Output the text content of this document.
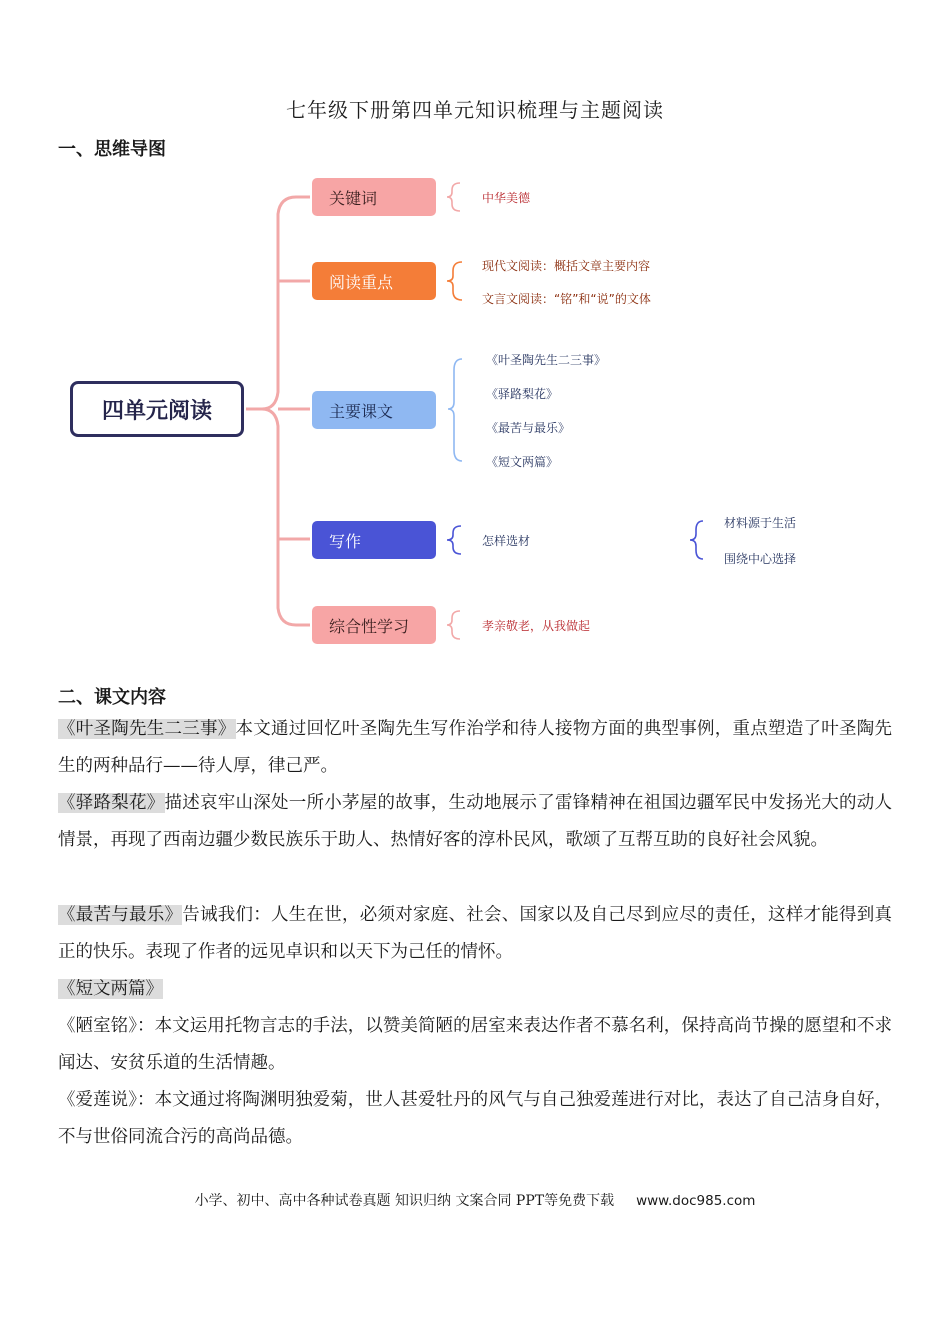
七年级下册第四单元知识梳理与主题阅读
一、思维导图
四单元阅读
关键词	中华美德
阅读重点
现代文阅读：概括文章主要内容
文言文阅读：“铭”和“说”的文体
主要课文
《叶圣陶先生二三事》
《驿路梨花》
《最苦与最乐》
《短文两篇》
写作	怎样选材
材料源于生活
围绕中心选择
综合性学习	孝亲敬老，从我做起
二、课文内容
《叶圣陶先生二三事》本文通过回忆叶圣陶先生写作治学和待人接物方面的典型事例，重点塑造了叶圣陶先生的两种品行——待人厚，律己严。
《驿路梨花》描述哀牢山深处一所小茅屋的故事，生动地展示了雷锋精神在祖国边疆军民中发扬光大的动人情景，再现了西南边疆少数民族乐于助人、热情好客的淳朴民风，歌颂了互帮互助的良好社会风貌。
《最苦与最乐》告诫我们：人生在世，必须对家庭、社会、国家以及自己尽到应尽的责任，这样才能得到真正的快乐。表现了作者的远见卓识和以天下为己任的情怀。
《短文两篇》
《陋室铭》：本文运用托物言志的手法，以赞美简陋的居室来表达作者不慕名利，保持高尚节操的愿望和不求闻达、安贫乐道的生活情趣。
《爱莲说》：本文通过将陶渊明独爱菊，世人甚爱牡丹的风气与自己独爱莲进行对比，表达了自己洁身自好，不与世俗同流合污的高尚品德。
小学、初中、高中各种试卷真题 知识归纳 文案合同 PPT等免费下载 www.doc985.com
